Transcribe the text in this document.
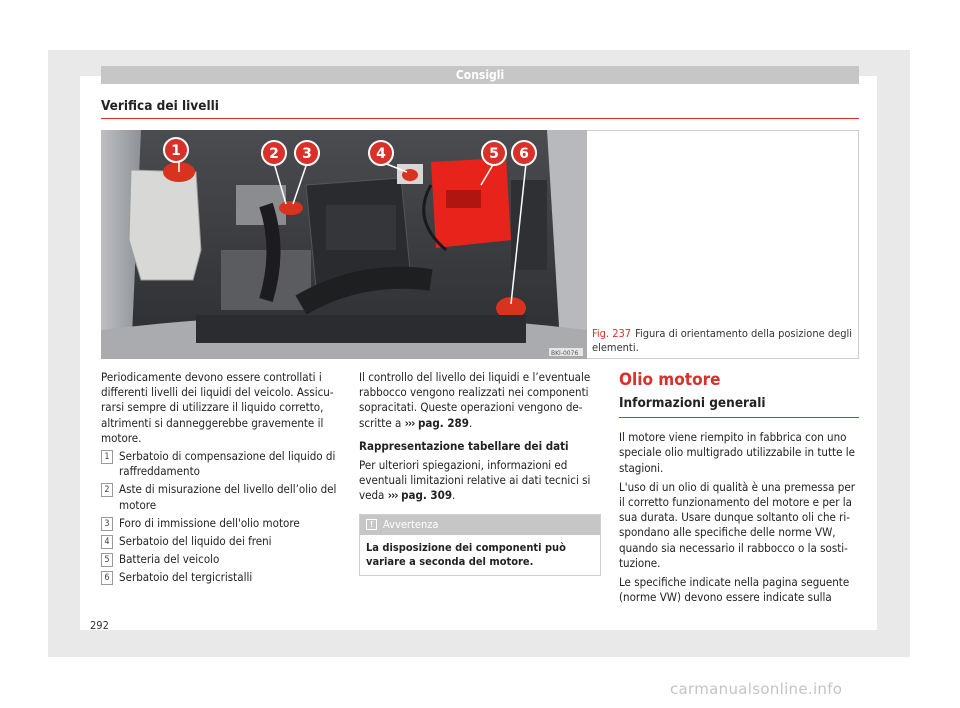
Consigli
Verifica dei livelli
BKI-0076
1	2 3	4	5 6
Fig. 237 Figura di orientamento della posizione degli elementi.

Periodicamente devono essere controllati i differenti livelli dei liquidi del veicolo. Assicu-rarsi sempre di utilizzare il liquido corretto, altrimenti si danneggerebbe gravemente il motore.

1 Serbatoio di compensazione del liquido di raffreddamento
2 Aste di misurazione del livello dell’olio del motore
3 Foro di immissione dell'olio motore
4 Serbatoio del liquido dei freni
5 Batteria del veicolo
6 Serbatoio del tergicristalli

Il controllo del livello dei liquidi e l’eventuale rabbocco vengono realizzati nei componenti sopracitati. Queste operazioni vengono de-scritte a ››› pag. 289.

Rappresentazione tabellare dei dati

Per ulteriori spiegazioni, informazioni ed eventuali limitazioni relative ai dati tecnici si veda ››› pag. 309.

! Avvertenza
La disposizione dei componenti può variare a seconda del motore.
Olio motore
Informazioni generali

Il motore viene riempito in fabbrica con uno speciale olio multigrado utilizzabile in tutte le stagioni.

L'uso di un olio di qualità è una premessa per il corretto funzionamento del motore e per la sua durata. Usare dunque soltanto oli che ri-spondano alle specifiche delle norme VW, quando sia necessario il rabbocco o la sosti-tuzione.

Le specifiche indicate nella pagina seguente (norme VW) devono essere indicate sulla

292
carmanualsonline.info
